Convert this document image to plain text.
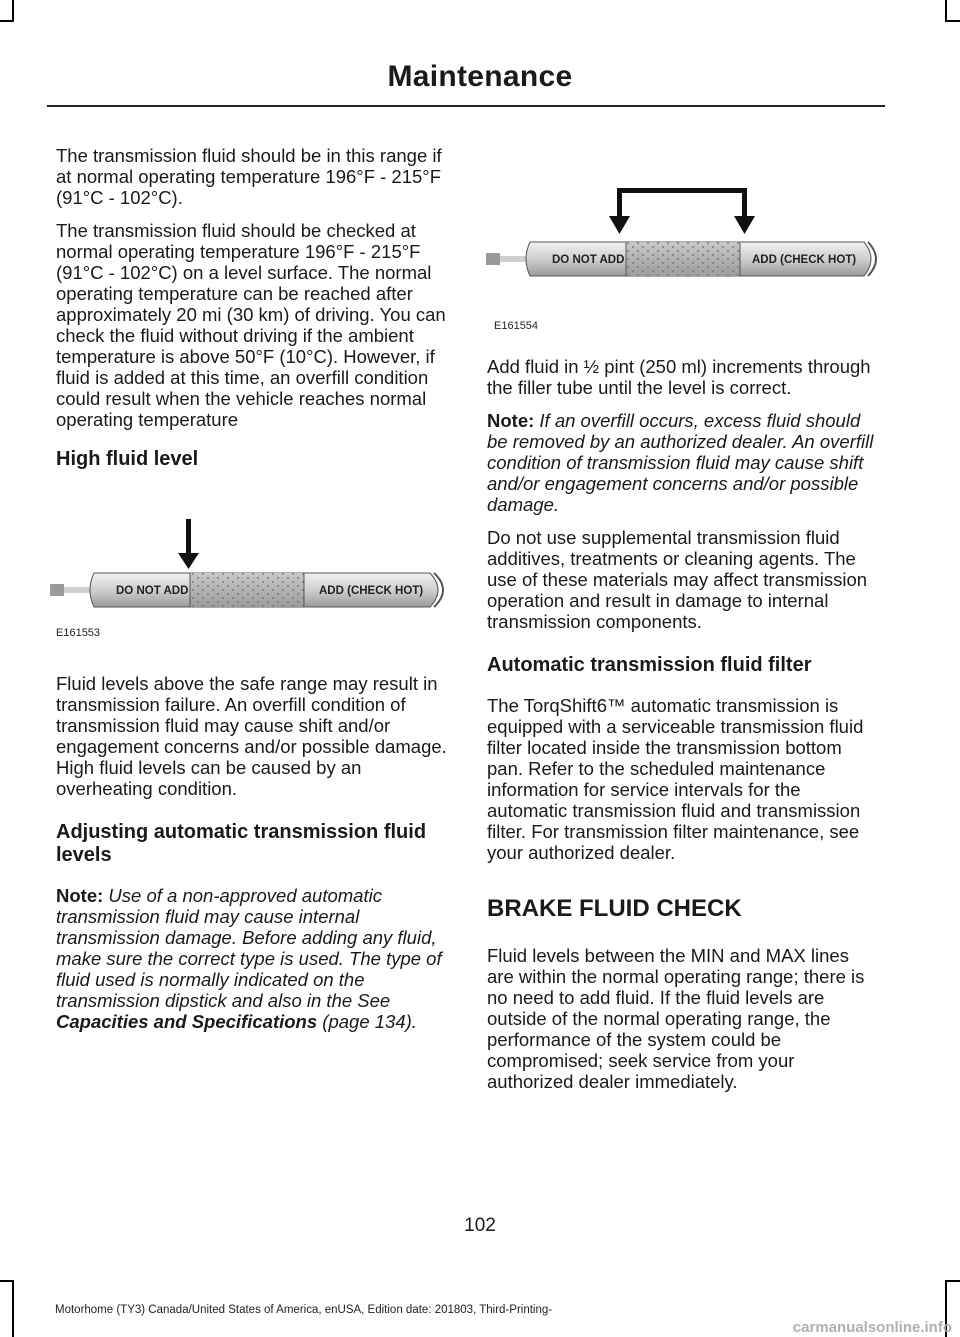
Maintenance

The transmission fluid should be in this range if at normal operating temperature 196°F - 215°F (91°C - 102°C).

The transmission fluid should be checked at normal operating temperature 196°F - 215°F (91°C - 102°C) on a level surface. The normal operating temperature can be reached after approximately 20 mi (30 km) of driving. You can check the fluid without driving if the ambient temperature is above 50°F (10°C). However, if fluid is added at this time, an overfill condition could result when the vehicle reaches normal operating temperature

High fluid level
DO NOT ADD	ADD (CHECK HOT)
E161553

Fluid levels above the safe range may result in transmission failure. An overfill condition of transmission fluid may cause shift and/or engagement concerns and/or possible damage. High fluid levels can be caused by an overheating condition.

Adjusting automatic transmission fluid levels

Note: Use of a non-approved automatic transmission fluid may cause internal transmission damage. Before adding any fluid, make sure the correct type is used. The type of fluid used is normally indicated on the transmission dipstick and also in the See Capacities and Specifications (page 134).

DO NOT ADD	ADD (CHECK HOT)
E161554

Add fluid in ½ pint (250 ml) increments through the filler tube until the level is correct.

Note: If an overfill occurs, excess fluid should be removed by an authorized dealer. An overfill condition of transmission fluid may cause shift and/or engagement concerns and/or possible damage.

Do not use supplemental transmission fluid additives, treatments or cleaning agents. The use of these materials may affect transmission operation and result in damage to internal transmission components.

Automatic transmission fluid filter

The TorqShift6™ automatic transmission is equipped with a serviceable transmission fluid filter located inside the transmission bottom pan. Refer to the scheduled maintenance information for service intervals for the automatic transmission fluid and transmission filter. For transmission filter maintenance, see your authorized dealer.

BRAKE FLUID CHECK

Fluid levels between the MIN and MAX lines are within the normal operating range; there is no need to add fluid. If the fluid levels are outside of the normal operating range, the performance of the system could be compromised; seek service from your authorized dealer immediately.

102
Motorhome (TY3) Canada/United States of America, enUSA, Edition date: 201803, Third-Printing-
carmanualsonline.info
